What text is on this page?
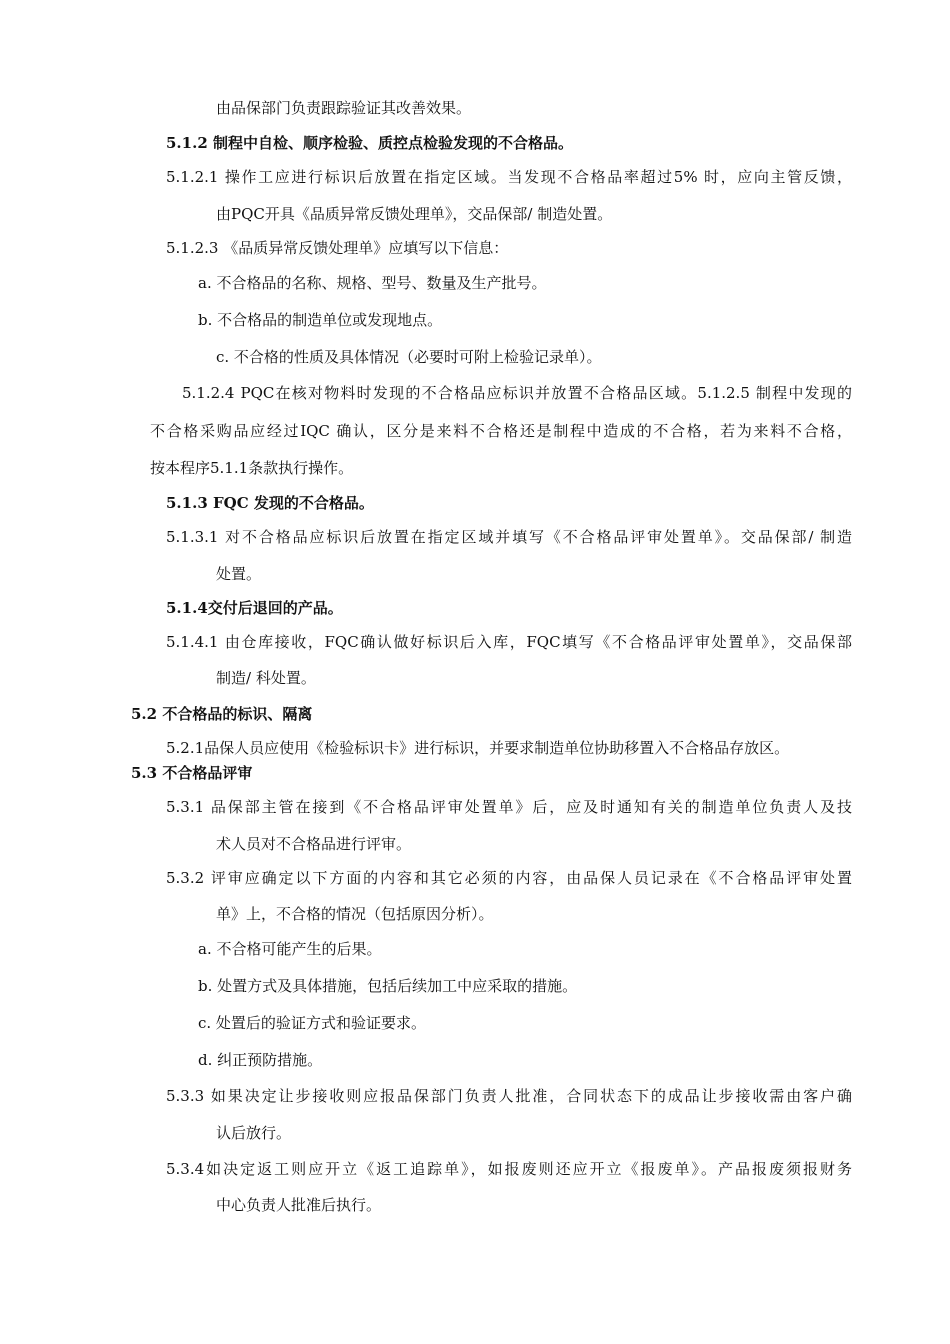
由品保部门负责跟踪验证其改善效果。
5.1.2 制程中自检、顺序检验、质控点检验发现的不合格品。
5.1.2.1 操作工应进行标识后放置在指定区域。当发现不合格品率超过5% 时，应向主管反馈，
由PQC开具《品质异常反馈处理单》，交品保部/ 制造处置。
5.1.2.3 《品质异常反馈处理单》应填写以下信息：
a. 不合格品的名称、规格、型号、数量及生产批号。
b. 不合格品的制造单位或发现地点。
c. 不合格的性质及具体情况（必要时可附上检验记录单）。
5.1.2.4 PQC在核对物料时发现的不合格品应标识并放置不合格品区域。5.1.2.5 制程中发现的
不合格采购品应经过IQC 确认，区分是来料不合格还是制程中造成的不合格，若为来料不合格，
按本程序5.1.1条款执行操作。
5.1.3 FQC 发现的不合格品。
5.1.3.1 对不合格品应标识后放置在指定区域并填写《不合格品评审处置单》。交品保部/ 制造
处置。
5.1.4交付后退回的产品。
5.1.4.1 由仓库接收，FQC确认做好标识后入库，FQC填写《不合格品评审处置单》，交品保部
制造/ 科处置。
5.2 不合格品的标识、隔离
5.2.1品保人员应使用《检验标识卡》进行标识，并要求制造单位协助移置入不合格品存放区。
5.3 不合格品评审
5.3.1 品保部主管在接到《不合格品评审处置单》后，应及时通知有关的制造单位负责人及技
术人员对不合格品进行评审。
5.3.2 评审应确定以下方面的内容和其它必须的内容，由品保人员记录在《不合格品评审处置
单》上，不合格的情况（包括原因分析）。
a. 不合格可能产生的后果。
b. 处置方式及具体措施，包括后续加工中应采取的措施。
c. 处置后的验证方式和验证要求。
d. 纠正预防措施。
5.3.3 如果决定让步接收则应报品保部门负责人批准，合同状态下的成品让步接收需由客户确
认后放行。
5.3.4如决定返工则应开立《返工追踪单》，如报废则还应开立《报废单》。产品报废须报财务
中心负责人批准后执行。
